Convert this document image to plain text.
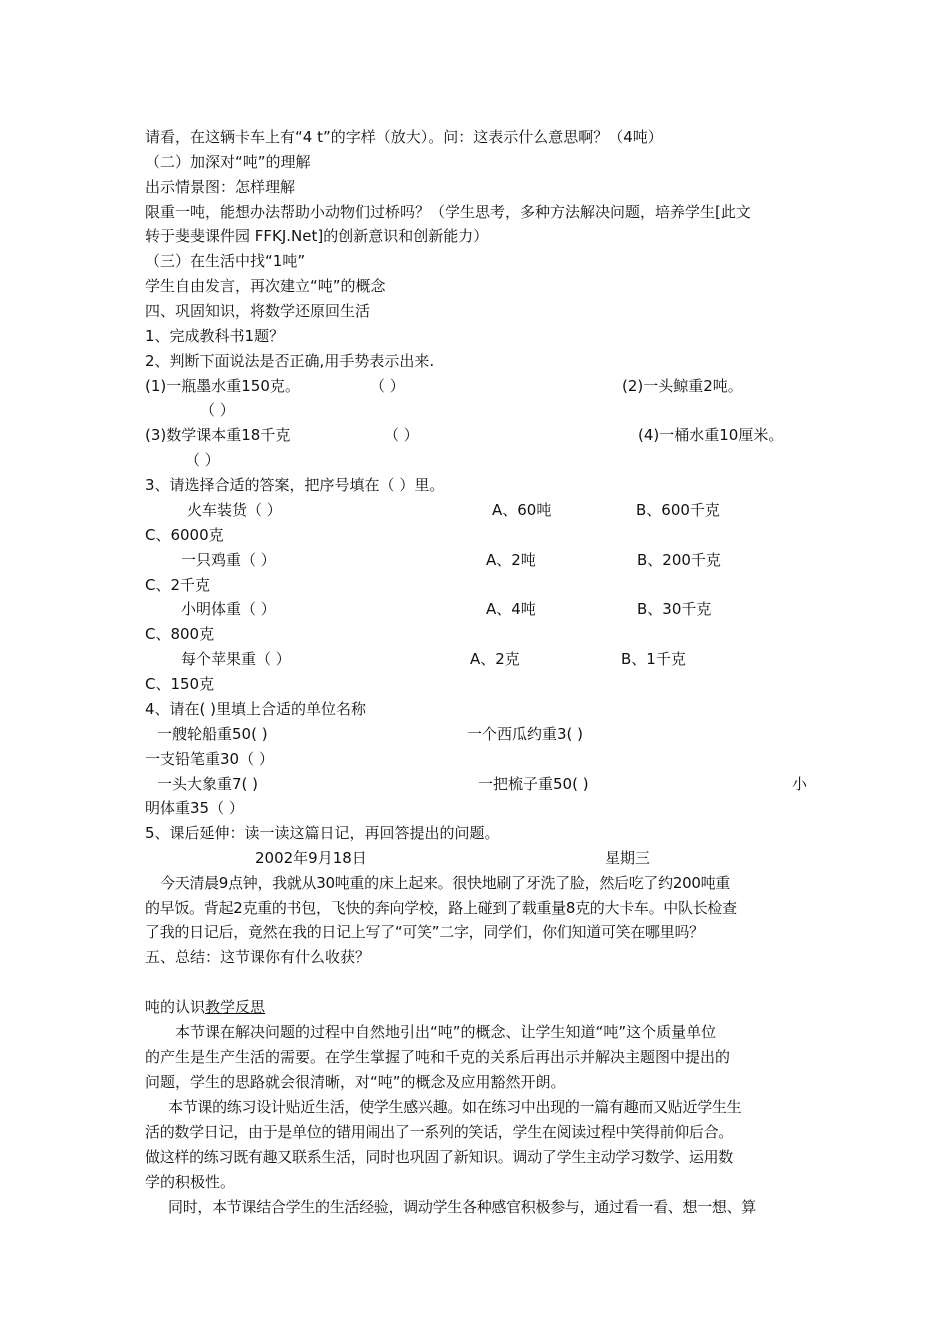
请看，在这辆卡车上有“4 t”的字样（放大）。问：这表示什么意思啊？（4吨）
（二）加深对“吨”的理解
出示情景图：怎样理解
限重一吨，能想办法帮助小动物们过桥吗？（学生思考，多种方法解决问题，培养学生[此文
转于斐斐课件园 FFKJ.Net]的创新意识和创新能力）
（三）在生活中找“1吨”
学生自由发言，再次建立“吨”的概念
四、巩固知识，将数学还原回生活
1、完成教科书1题？
2、判断下面说法是否正确,用手势表示出来.
(1)一瓶墨水重150克。	（ ）	(2)一头鲸重2吨。
（ ）
(3)数学课本重18千克	（ ）	(4)一桶水重10厘米。
（ ）
3、请选择合适的答案，把序号填在（ ）里。
火车装货（ ）	A、60吨	B、600千克
C、6000克
一只鸡重（ ）	A、2吨	B、200千克
C、2千克
小明体重（ ）	A、4吨	B、30千克
C、800克
每个苹果重（ ）	A、2克	B、1千克
C、150克
4、请在( )里填上合适的单位名称
一艘轮船重50( )	一个西瓜约重3( )
一支铅笔重30（ ）
一头大象重7( )	一把梳子重50( )	小
明体重35（ ）
5、课后延伸：读一读这篇日记，再回答提出的问题。
2002年9月18日	星期三
今天清晨9点钟，我就从30吨重的床上起来。很快地刷了牙洗了脸，然后吃了约200吨重
的早饭。背起2克重的书包，飞快的奔向学校，路上碰到了载重量8克的大卡车。中队长检查
了我的日记后，竟然在我的日记上写了“可笑”二字，同学们，你们知道可笑在哪里吗？
五、总结：这节课你有什么收获？
吨的认识教学反思
本节课在解决问题的过程中自然地引出“吨”的概念、让学生知道“吨”这个质量单位
的产生是生产生活的需要。在学生掌握了吨和千克的关系后再出示并解决主题图中提出的
问题，学生的思路就会很清晰，对“吨”的概念及应用豁然开朗。
本节课的练习设计贴近生活，使学生感兴趣。如在练习中出现的一篇有趣而又贴近学生生
活的数学日记，由于是单位的错用闹出了一系列的笑话，学生在阅读过程中笑得前仰后合。
做这样的练习既有趣又联系生活，同时也巩固了新知识。调动了学生主动学习数学、运用数
学的积极性。
同时，本节课结合学生的生活经验，调动学生各种感官积极参与，通过看一看、想一想、算
